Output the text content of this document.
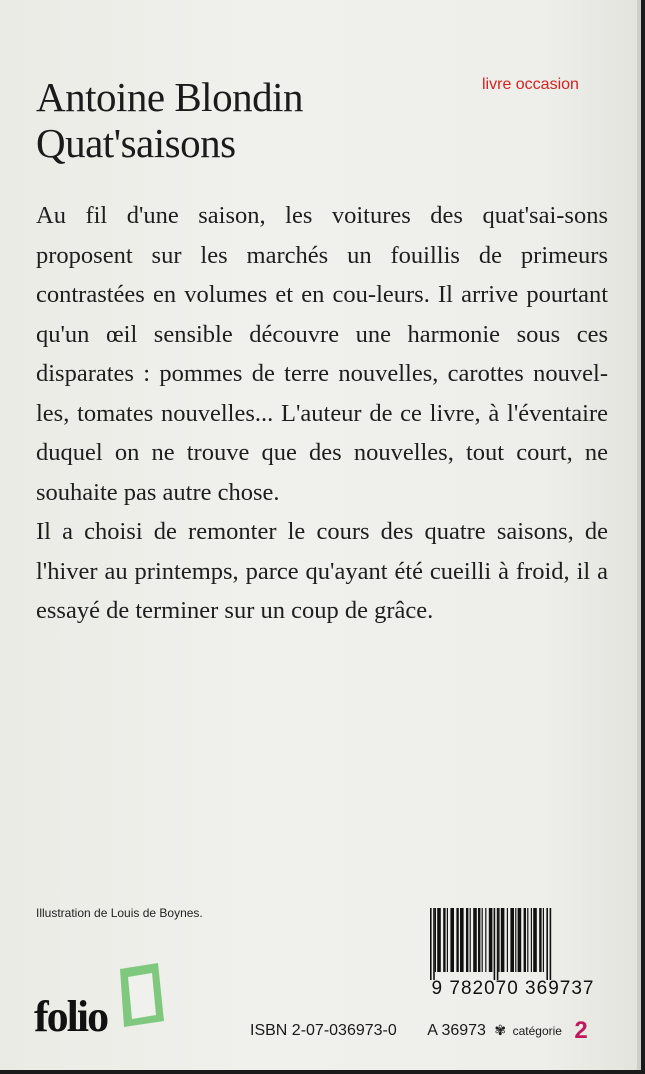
Antoine Blondin
Quat'saisons
livre occasion

Au fil d'une saison, les voitures des quat'sai-sons proposent sur les marchés un fouillis de primeurs contrastées en volumes et en cou-leurs. Il arrive pourtant qu'un œil sensible découvre une harmonie sous ces disparates : pommes de terre nouvelles, carottes nouvel-les, tomates nouvelles... L'auteur de ce livre, à l'éventaire duquel on ne trouve que des nouvelles, tout court, ne souhaite pas autre chose.

Il a choisi de remonter le cours des quatre saisons, de l'hiver au printemps, parce qu'ayant été cueilli à froid, il a essayé de terminer sur un coup de grâce.

Illustration de Louis de Boynes.
9 782070 369737
folio	ISBN 2-07-036973-0 A 36973 ✾ catégorie 2
